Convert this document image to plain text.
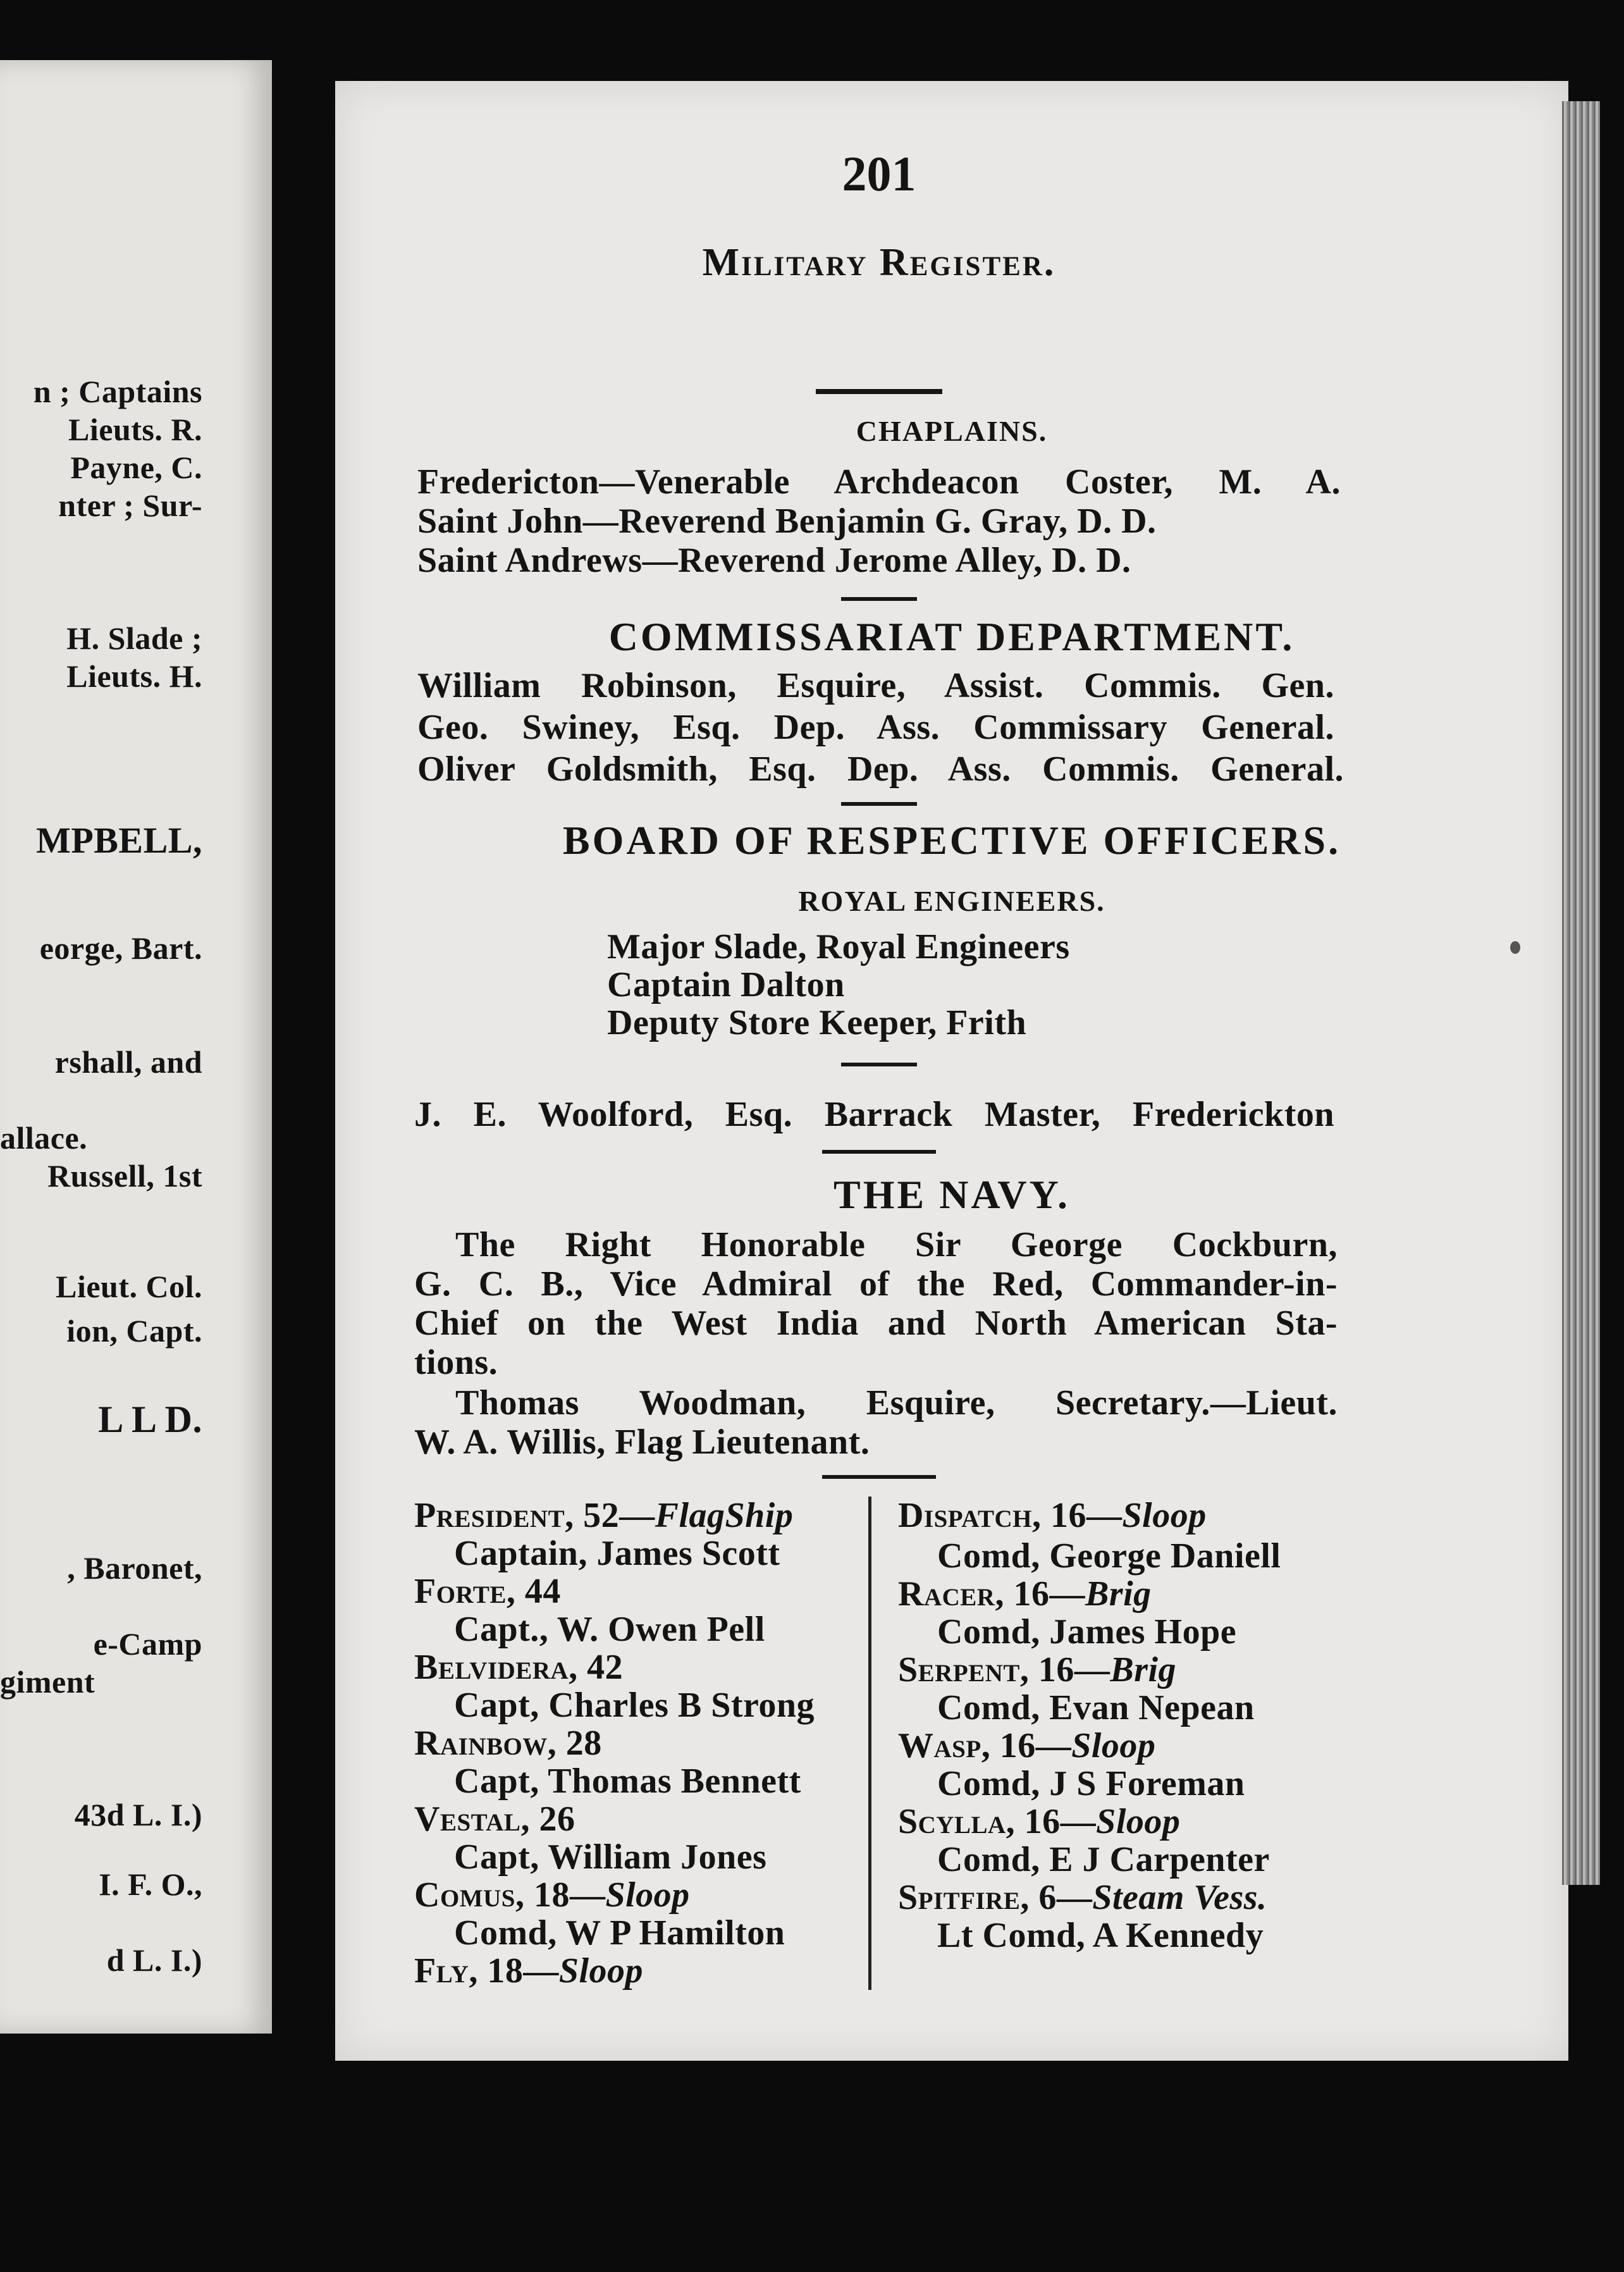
n ; Captains
Lieuts. R.
Payne, C.
nter ; Sur-
H. Slade ;
Lieuts. H.
MPBELL,
eorge, Bart.
rshall, and
allace.
Russell, 1st
Lieut. Col.
ion, Capt.
L L D.
, Baronet,
e-Camp
giment
43d L. I.)
I. F. O.,
d L. I.)
201
Military Register.
CHAPLAINS.
Fredericton—Venerable Archdeacon Coster, M. A.
Saint John—Reverend Benjamin G. Gray, D. D.
Saint Andrews—Reverend Jerome Alley, D. D.
COMMISSARIAT DEPARTMENT.
William Robinson, Esquire, Assist. Commis. Gen.
Geo. Swiney, Esq. Dep. Ass. Commissary General.
Oliver Goldsmith, Esq. Dep. Ass. Commis. General.
BOARD OF RESPECTIVE OFFICERS.
ROYAL ENGINEERS.
Major Slade, Royal Engineers
Captain Dalton
Deputy Store Keeper, Frith
J. E. Woolford, Esq. Barrack Master, Frederickton
THE NAVY.
The Right Honorable Sir George Cockburn,
G. C. B., Vice Admiral of the Red, Commander-in-
Chief on the West India and North American Sta-
tions.
Thomas Woodman, Esquire, Secretary.—Lieut.
W. A. Willis, Flag Lieutenant.
President, 52—FlagShip
Captain, James Scott
Forte, 44
Capt., W. Owen Pell
Belvidera, 42
Capt, Charles B Strong
Rainbow, 28
Capt, Thomas Bennett
Vestal, 26
Capt, William Jones
Comus, 18—Sloop
Comd, W P Hamilton
Fly, 18—Sloop
Dispatch, 16—Sloop
Comd, George Daniell
Racer, 16—Brig
Comd, James Hope
Serpent, 16—Brig
Comd, Evan Nepean
Wasp, 16—Sloop
Comd, J S Foreman
Scylla, 16—Sloop
Comd, E J Carpenter
Spitfire, 6—Steam Vess.
Lt Comd, A Kennedy
